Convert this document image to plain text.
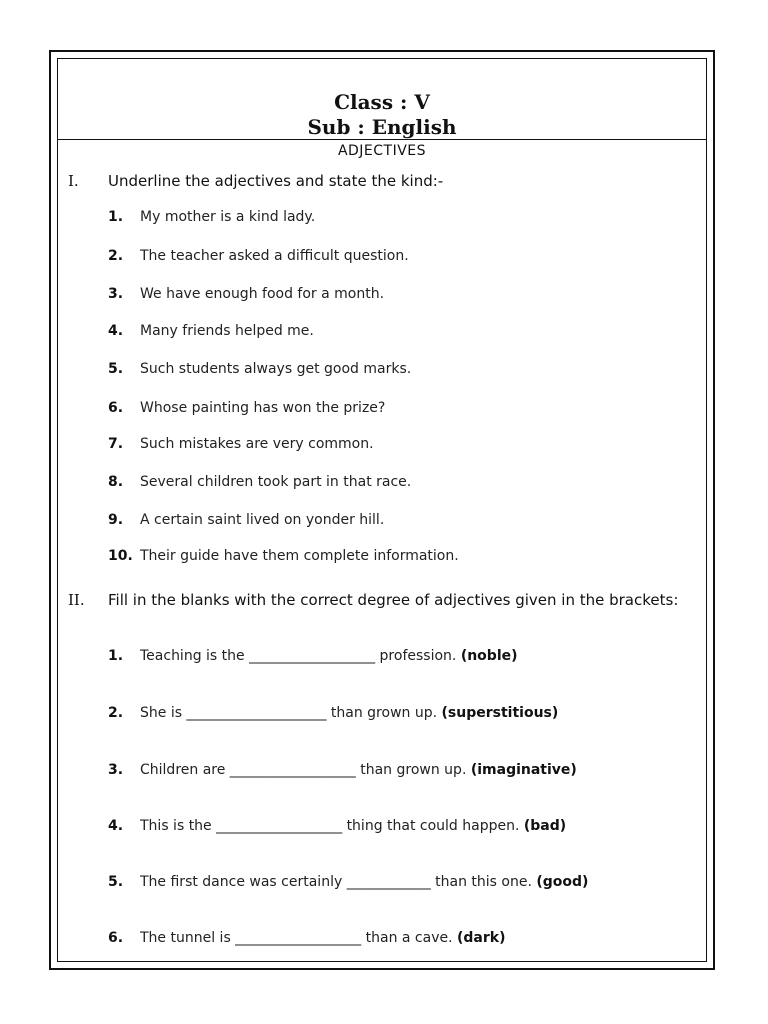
Class : V
Sub : English
ADJECTIVES
I. Underline the adjectives and state the kind:-
1. My mother is a kind lady.
2. The teacher asked a difficult question.
3. We have enough food for a month.
4. Many friends helped me.
5. Such students always get good marks.
6. Whose painting has won the prize?
7. Such mistakes are very common.
8. Several children took part in that race.
9. A certain saint lived on yonder hill.
10. Their guide have them complete information.
II. Fill in the blanks with the correct degree of adjectives given in the brackets:
1. Teaching is the __________________ profession. (noble)
2. She is ____________________ than grown up. (superstitious)
3. Children are __________________ than grown up. (imaginative)
4. This is the __________________ thing that could happen. (bad)
5. The first dance was certainly ____________ than this one. (good)
6. The tunnel is __________________ than a cave. (dark)
